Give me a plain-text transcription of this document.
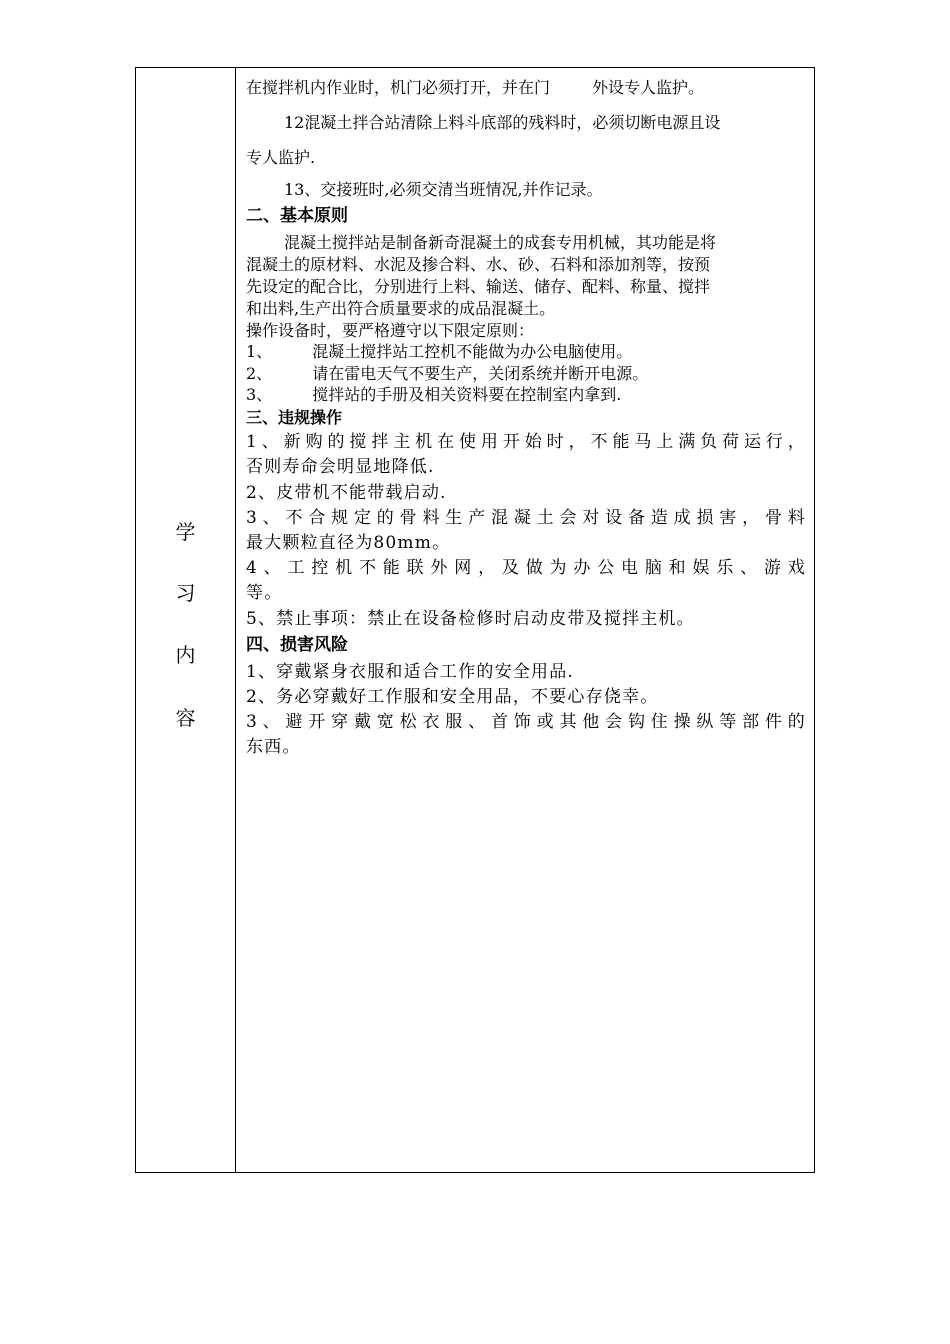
学
习
内
容
在搅拌机内作业时，机门必须打开，并在门	外设专人监护。
12混凝土拌合站清除上料斗底部的残料时，必须切断电源且设
专人监护.
13、交接班时,必须交清当班情况,并作记录。
二、基本原则
混凝土搅拌站是制备新奇混凝土的成套专用机械，其功能是将
混凝土的原材料、水泥及掺合料、水、砂、石料和添加剂等，按预
先设定的配合比，分别进行上料、输送、储存、配料、称量、搅拌
和出料,生产出符合质量要求的成品混凝土。
操作设备时，要严格遵守以下限定原则：
1、	混凝土搅拌站工控机不能做为办公电脑使用。
2、	请在雷电天气不要生产，关闭系统并断开电源。
3、	搅拌站的手册及相关资料要在控制室内拿到.
三、违规操作
1、新购的搅拌主机在使用开始时，不能马上满负荷运行，
否则寿命会明显地降低.
2、皮带机不能带载启动.
3、不合规定的骨料生产混凝土会对设备造成损害，骨料
最大颗粒直径为80mm。
4、工控机不能联外网，及做为办公电脑和娱乐、游戏
等。
5、禁止事项：禁止在设备检修时启动皮带及搅拌主机。
四、损害风险
1、穿戴紧身衣服和适合工作的安全用品.
2、务必穿戴好工作服和安全用品，不要心存侥幸。
3、避开穿戴宽松衣服、首饰或其他会钩住操纵等部件的
东西。
